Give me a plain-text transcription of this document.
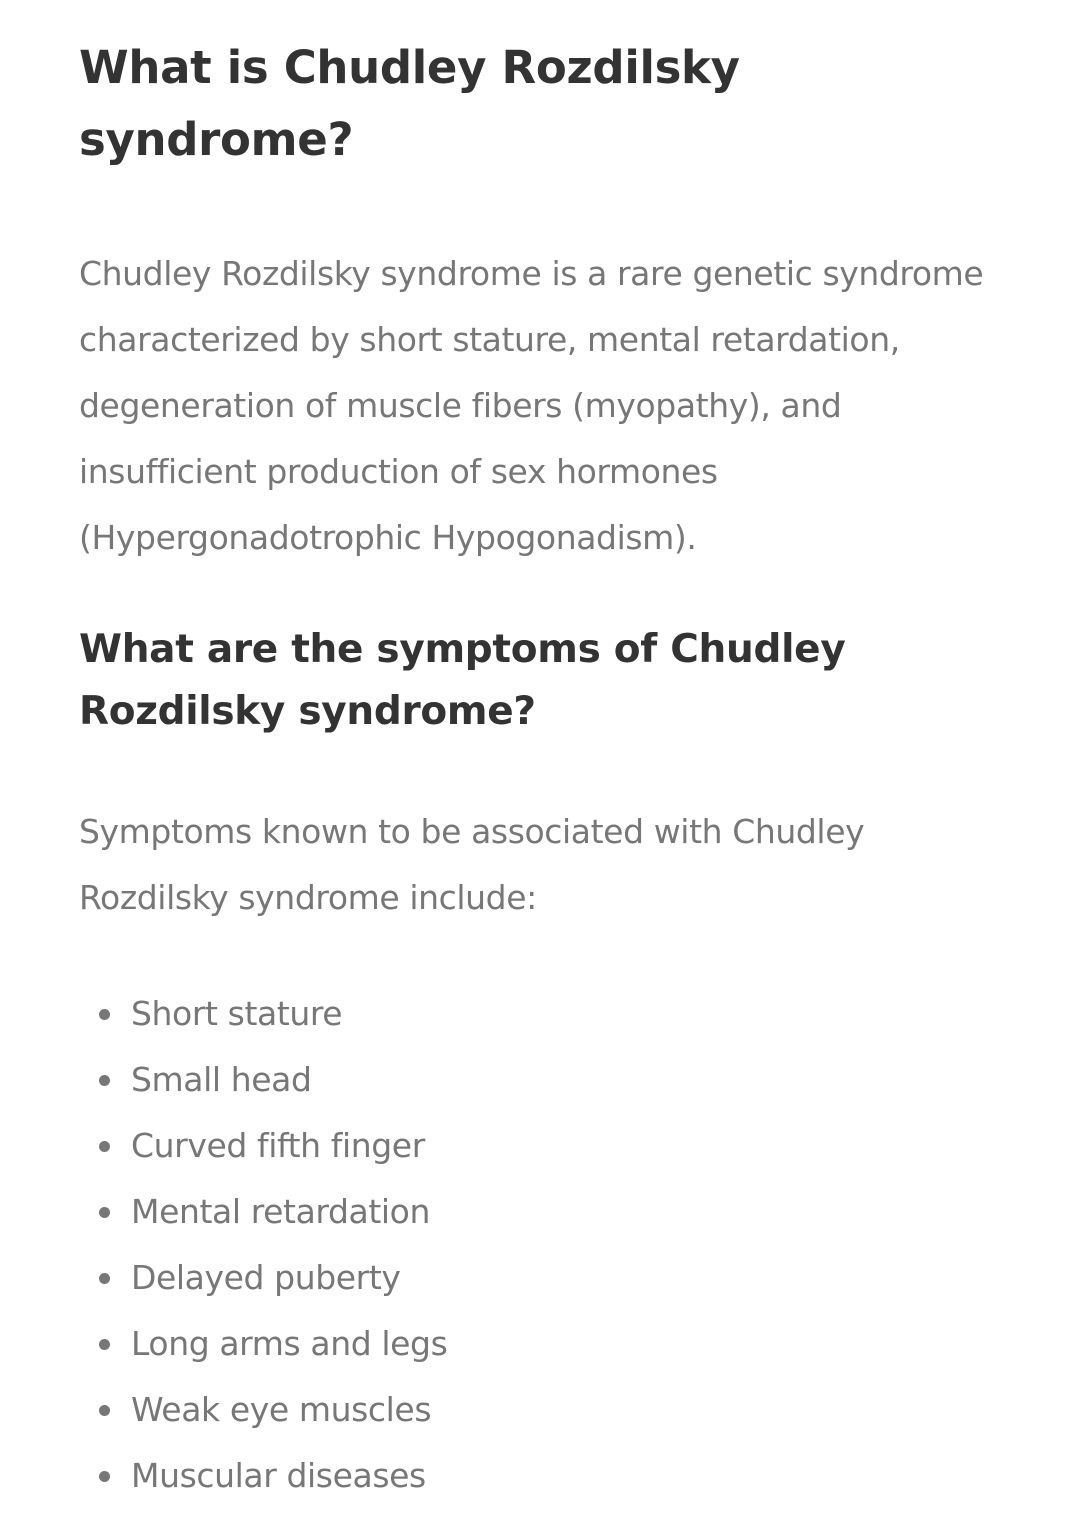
What is Chudley Rozdilsky syndrome?

Chudley Rozdilsky syndrome is a rare genetic syndrome characterized by short stature, mental retardation, degeneration of muscle fibers (myopathy), and insufficient production of sex hormones (Hypergonadotrophic Hypogonadism).

What are the symptoms of Chudley Rozdilsky syndrome?

Symptoms known to be associated with Chudley Rozdilsky syndrome include:

Short stature
Small head
Curved fifth finger
Mental retardation
Delayed puberty
Long arms and legs
Weak eye muscles
Muscular diseases
